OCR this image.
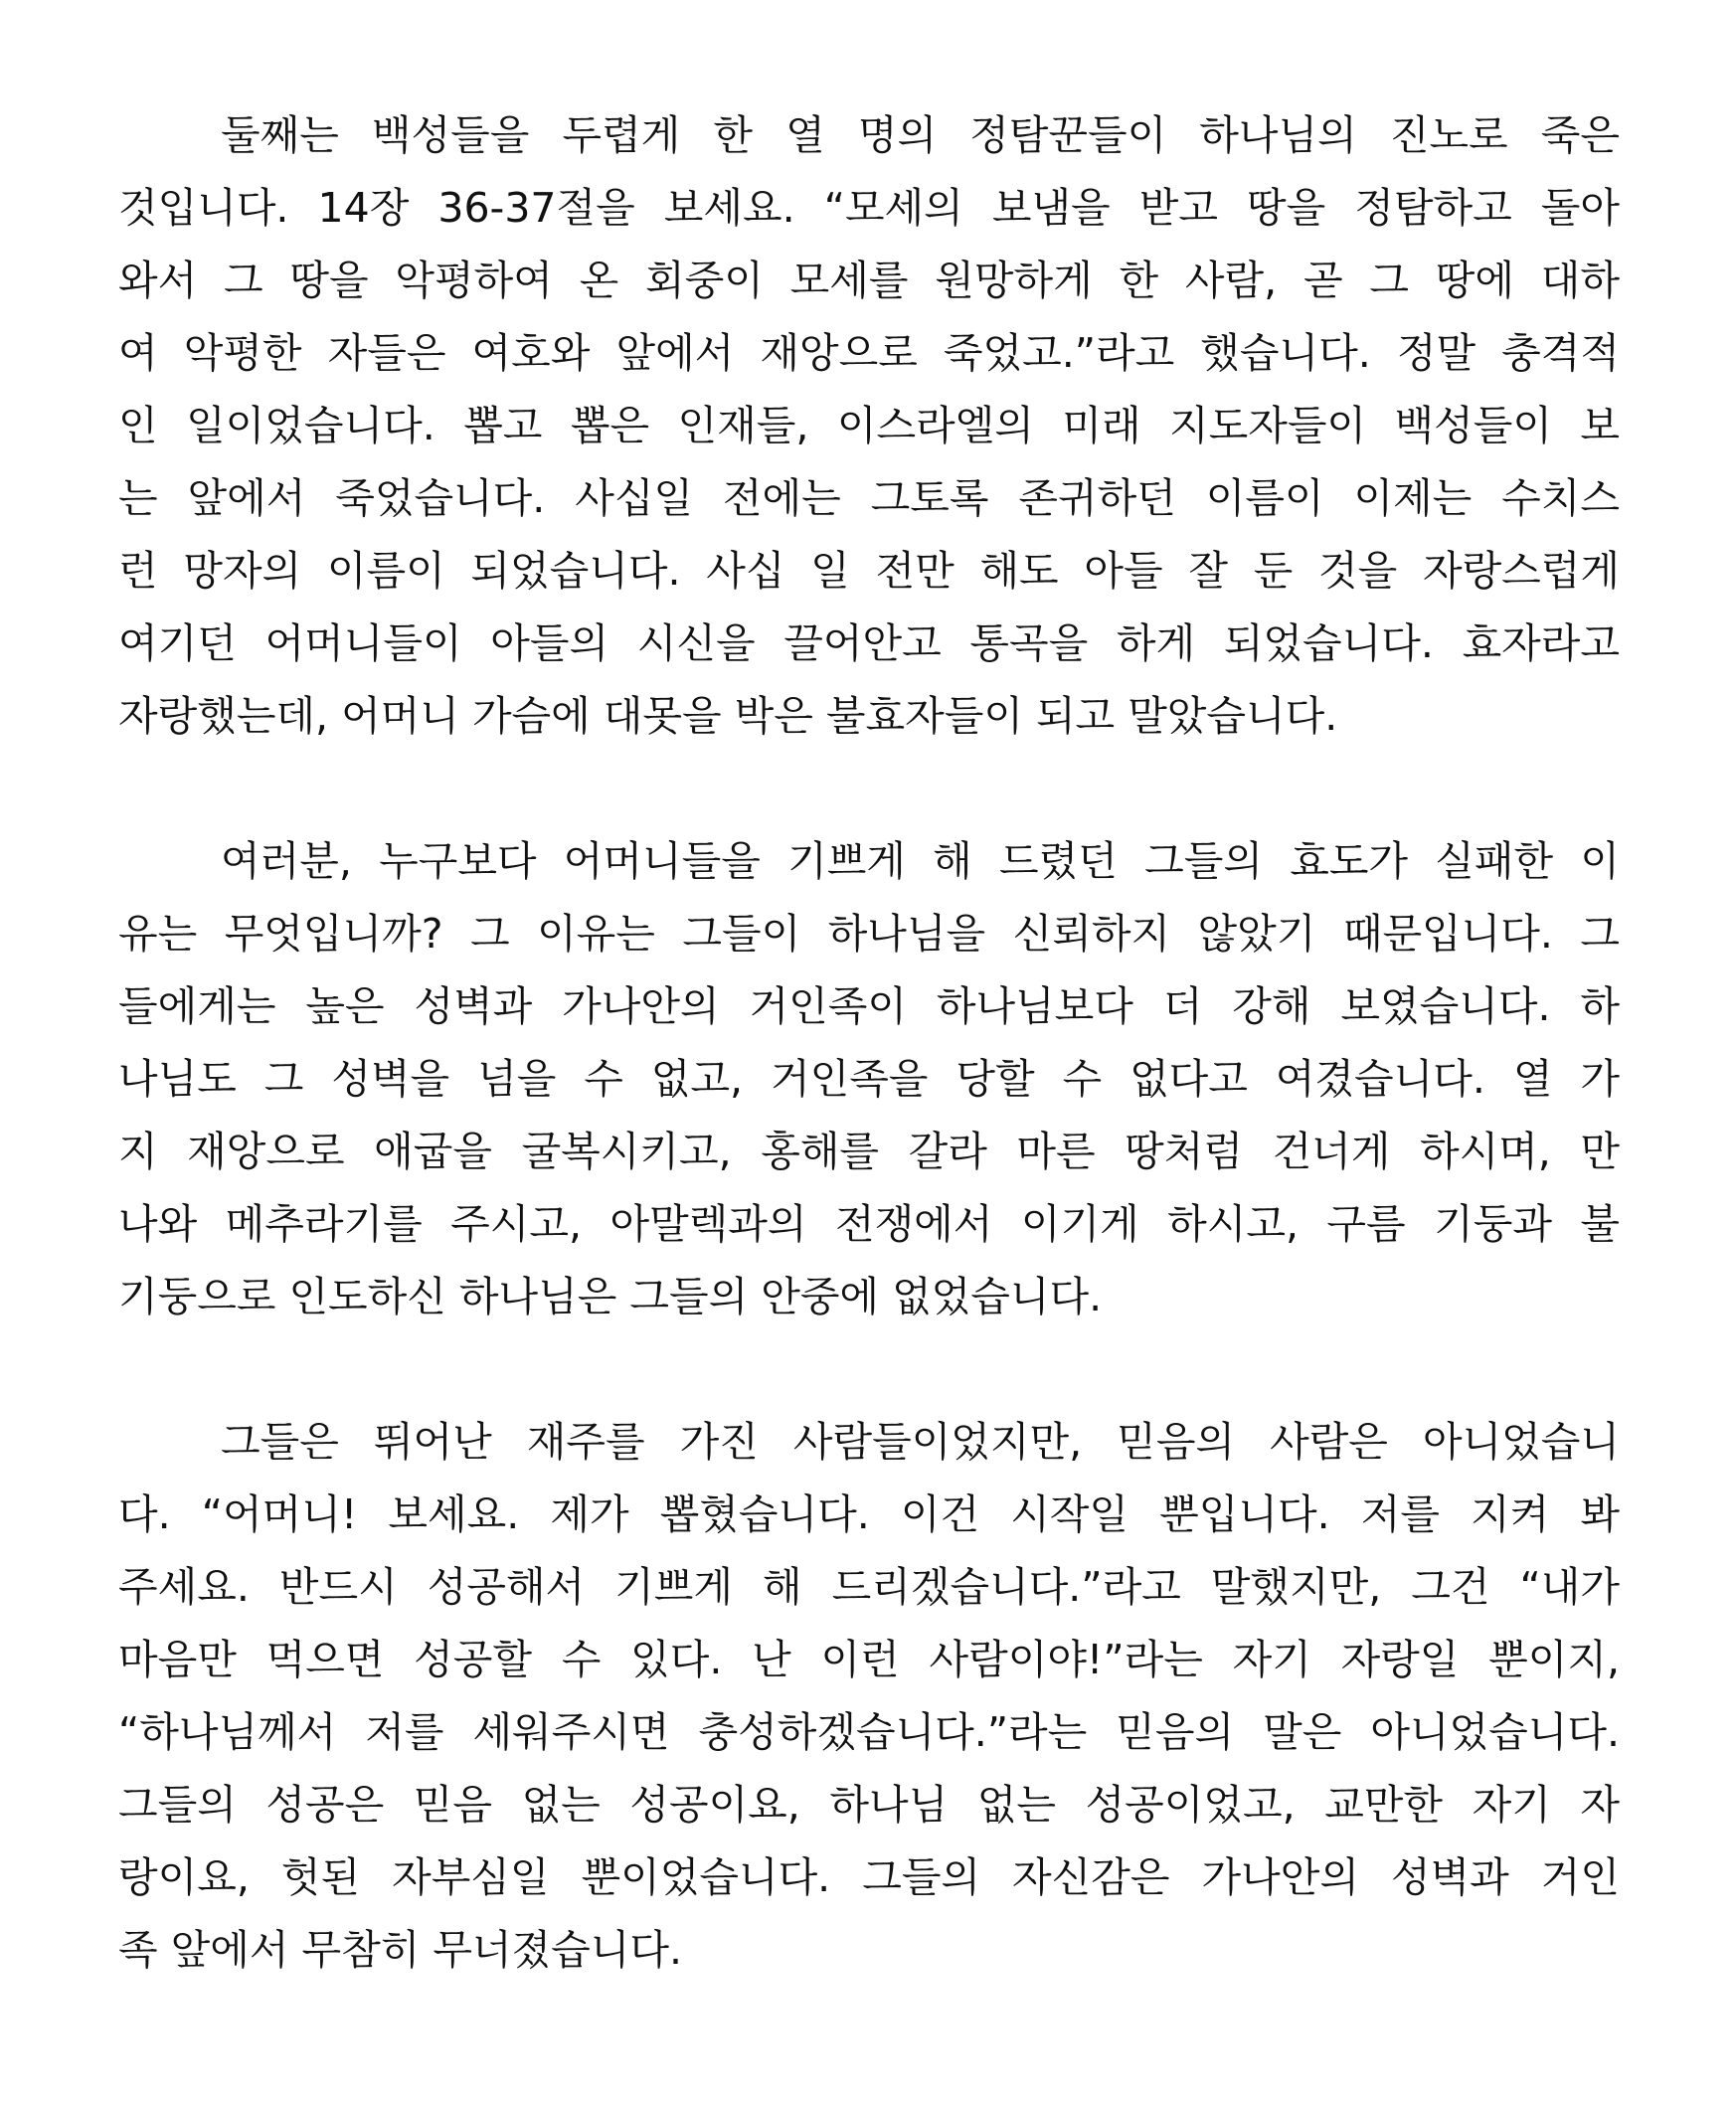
둘째는 백성들을 두렵게 한 열 명의 정탐꾼들이 하나님의 진노로 죽은
것입니다. 14장 36-37절을 보세요. “모세의 보냄을 받고 땅을 정탐하고 돌아
와서 그 땅을 악평하여 온 회중이 모세를 원망하게 한 사람, 곧 그 땅에 대하
여 악평한 자들은 여호와 앞에서 재앙으로 죽었고.”라고 했습니다. 정말 충격적
인 일이었습니다. 뽑고 뽑은 인재들, 이스라엘의 미래 지도자들이 백성들이 보
는 앞에서 죽었습니다. 사십일 전에는 그토록 존귀하던 이름이 이제는 수치스
런 망자의 이름이 되었습니다. 사십 일 전만 해도 아들 잘 둔 것을 자랑스럽게
여기던 어머니들이 아들의 시신을 끌어안고 통곡을 하게 되었습니다. 효자라고
자랑했는데, 어머니 가슴에 대못을 박은 불효자들이 되고 말았습니다.
여러분, 누구보다 어머니들을 기쁘게 해 드렸던 그들의 효도가 실패한 이
유는 무엇입니까? 그 이유는 그들이 하나님을 신뢰하지 않았기 때문입니다. 그
들에게는 높은 성벽과 가나안의 거인족이 하나님보다 더 강해 보였습니다. 하
나님도 그 성벽을 넘을 수 없고, 거인족을 당할 수 없다고 여겼습니다. 열 가
지 재앙으로 애굽을 굴복시키고, 홍해를 갈라 마른 땅처럼 건너게 하시며, 만
나와 메추라기를 주시고, 아말렉과의 전쟁에서 이기게 하시고, 구름 기둥과 불
기둥으로 인도하신 하나님은 그들의 안중에 없었습니다.
그들은 뛰어난 재주를 가진 사람들이었지만, 믿음의 사람은 아니었습니
다. “어머니! 보세요. 제가 뽑혔습니다. 이건 시작일 뿐입니다. 저를 지켜 봐
주세요. 반드시 성공해서 기쁘게 해 드리겠습니다.”라고 말했지만, 그건 “내가
마음만 먹으면 성공할 수 있다. 난 이런 사람이야!”라는 자기 자랑일 뿐이지,
“하나님께서 저를 세워주시면 충성하겠습니다.”라는 믿음의 말은 아니었습니다.
그들의 성공은 믿음 없는 성공이요, 하나님 없는 성공이었고, 교만한 자기 자
랑이요, 헛된 자부심일 뿐이었습니다. 그들의 자신감은 가나안의 성벽과 거인
족 앞에서 무참히 무너졌습니다.
